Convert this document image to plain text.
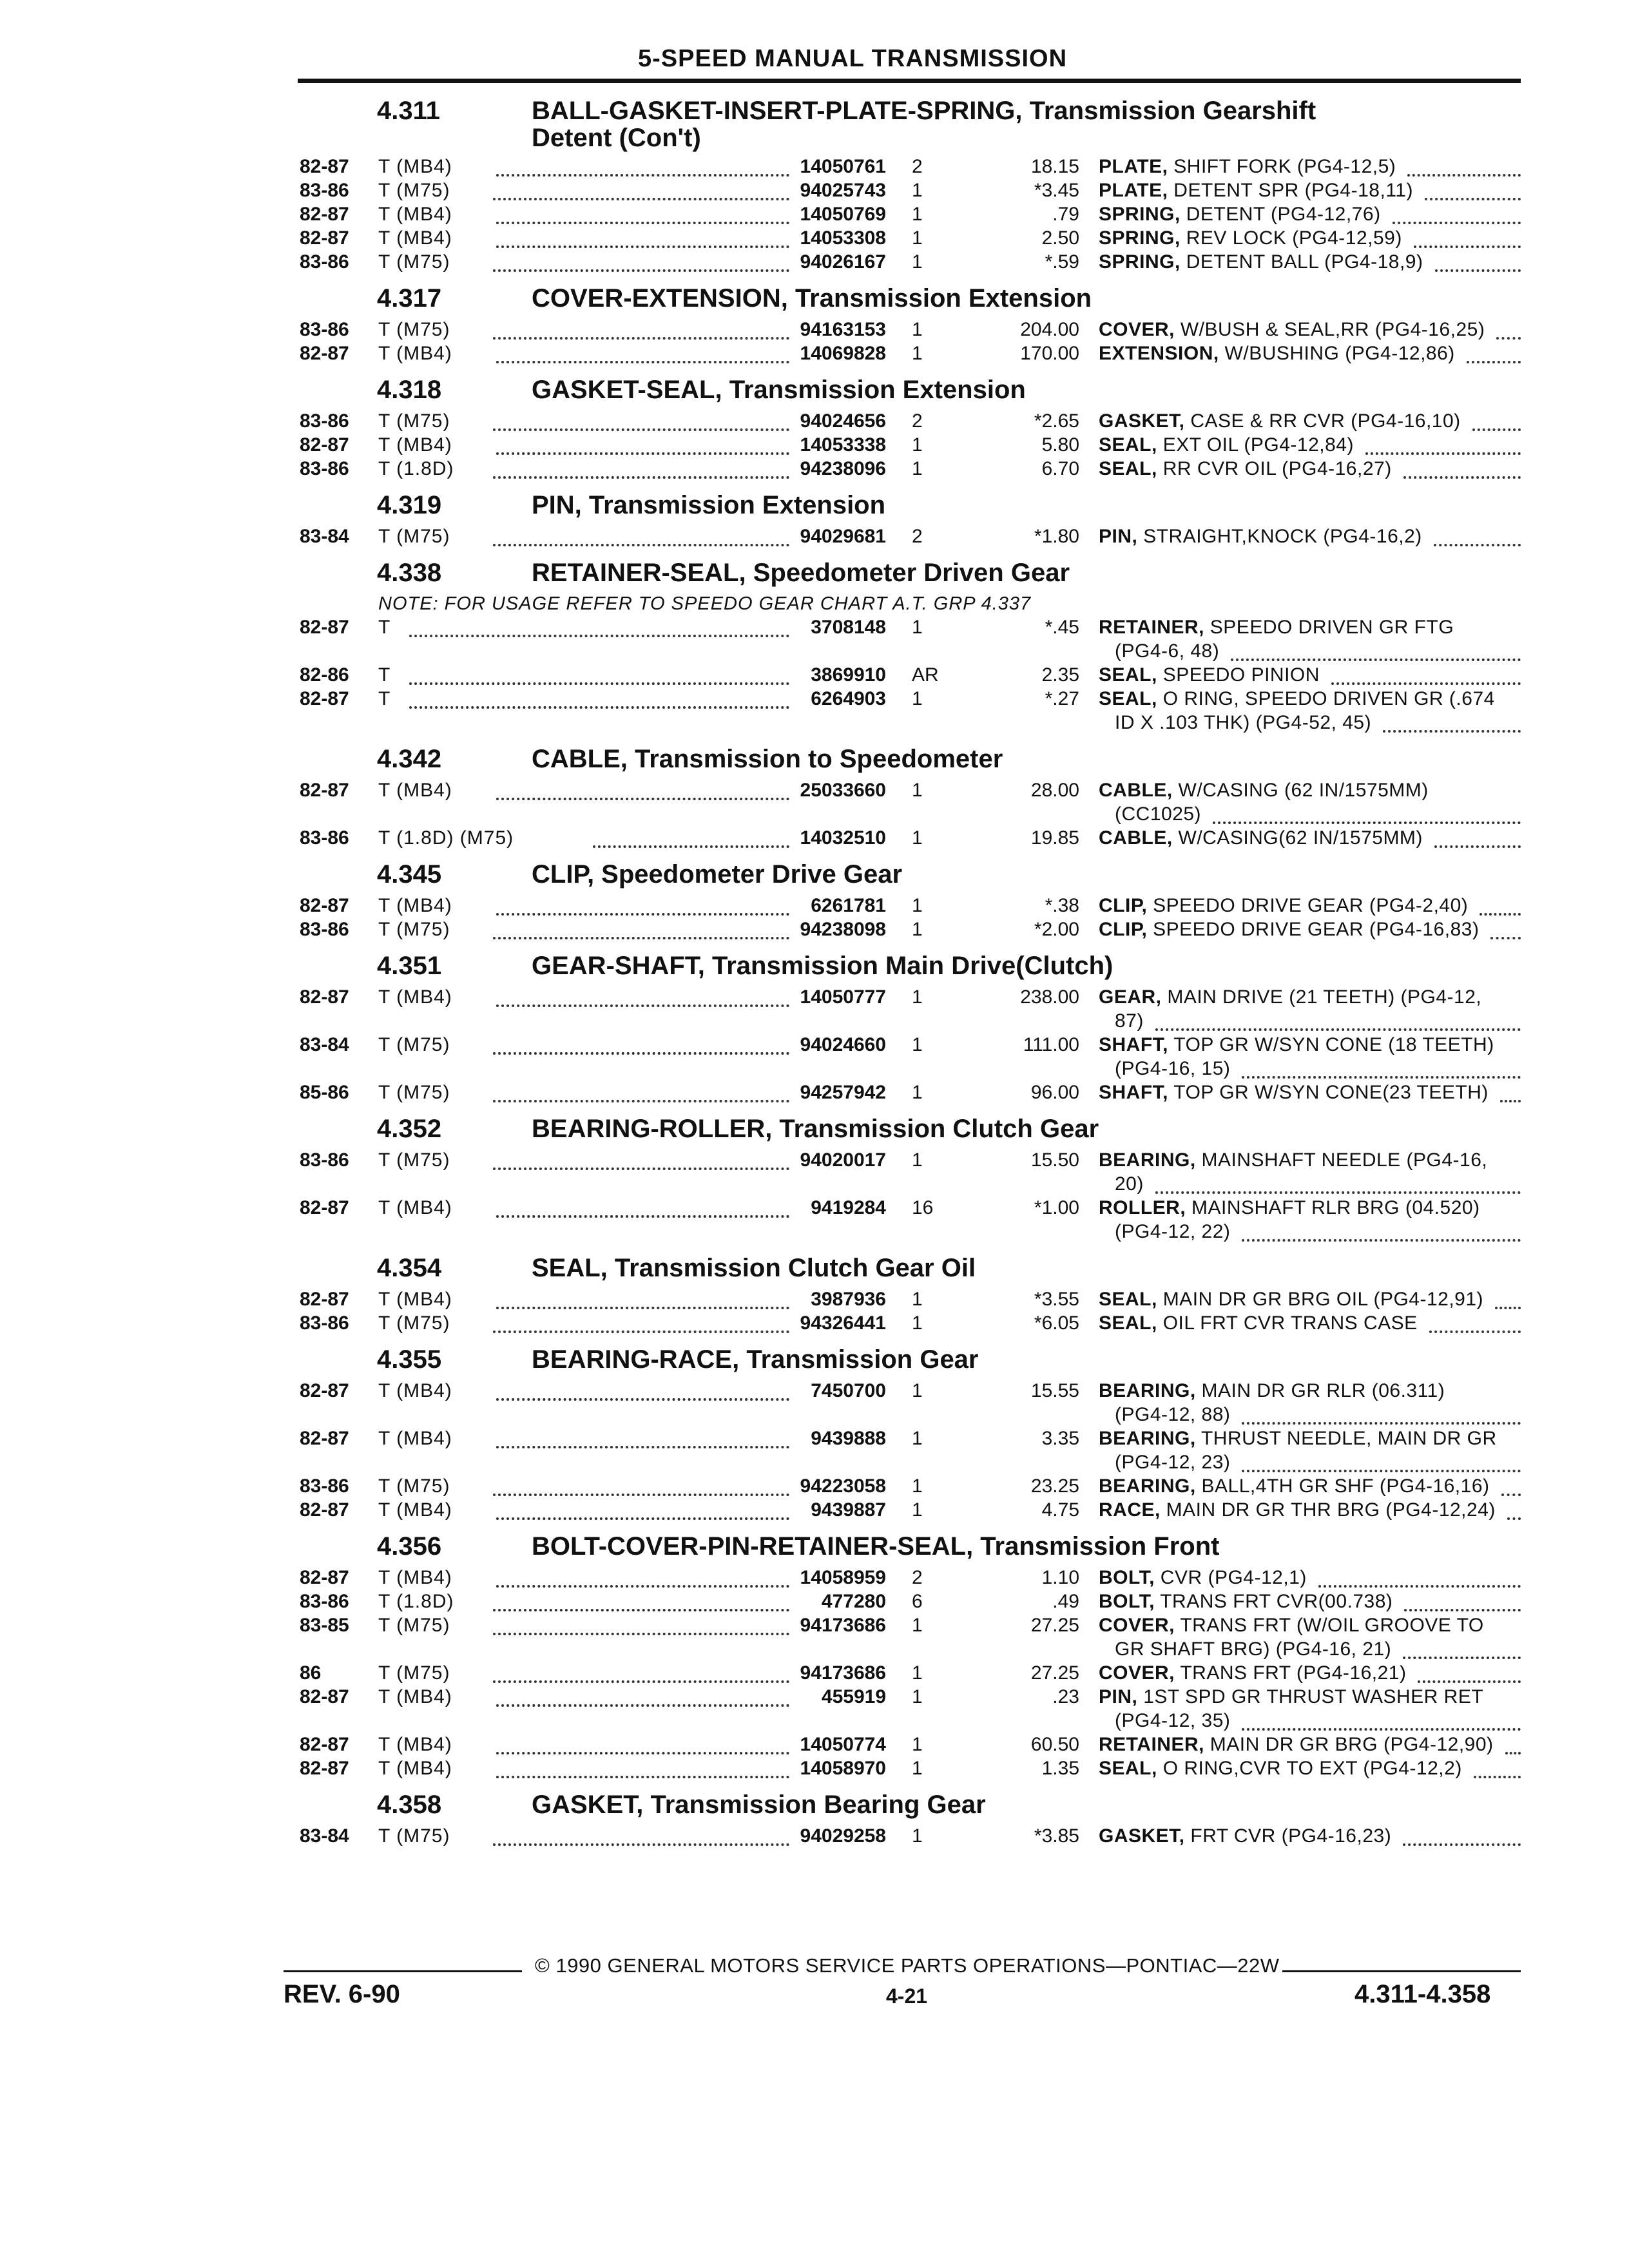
5-SPEED MANUAL TRANSMISSION
4.311	BALL-GASKET-INSERT-PLATE-SPRING, Transmission Gearshift
Detent (Con't)
82-87 T (MB4)	14050761 2	18.15 PLATE, SHIFT FORK (PG4-12,5)
83-86 T (M75)	94025743 1	*3.45 PLATE, DETENT SPR (PG4-18,11)
82-87 T (MB4)	14050769 1	.79 SPRING, DETENT (PG4-12,76)
82-87 T (MB4)	14053308 1	2.50 SPRING, REV LOCK (PG4-12,59)
83-86 T (M75)	94026167 1	*.59 SPRING, DETENT BALL (PG4-18,9)
4.317	COVER-EXTENSION, Transmission Extension
83-86 T (M75)	94163153 1	204.00 COVER, W/BUSH & SEAL,RR (PG4-16,25)
82-87 T (MB4)	14069828 1	170.00 EXTENSION, W/BUSHING (PG4-12,86)
4.318	GASKET-SEAL, Transmission Extension
83-86 T (M75)	94024656 2	*2.65 GASKET, CASE & RR CVR (PG4-16,10)
82-87 T (MB4)	14053338 1	5.80 SEAL, EXT OIL (PG4-12,84)
83-86 T (1.8D)	94238096 1	6.70 SEAL, RR CVR OIL (PG4-16,27)
4.319	PIN, Transmission Extension
83-84 T (M75)	94029681 2	*1.80 PIN, STRAIGHT,KNOCK (PG4-16,2)
4.338	RETAINER-SEAL, Speedometer Driven Gear
NOTE: FOR USAGE REFER TO SPEEDO GEAR CHART A.T. GRP 4.337
82-87 T	3708148 1	*.45 RETAINER, SPEEDO DRIVEN GR FTG
(PG4-6, 48)
82-86 T	3869910 AR	2.35 SEAL, SPEEDO PINION
82-87 T	6264903 1	*.27 SEAL, O RING, SPEEDO DRIVEN GR (.674
ID X .103 THK) (PG4-52, 45)
4.342	CABLE, Transmission to Speedometer
82-87 T (MB4)	25033660 1	28.00 CABLE, W/CASING (62 IN/1575MM)
(CC1025)
83-86 T (1.8D) (M75)	14032510 1	19.85 CABLE, W/CASING(62 IN/1575MM)
4.345	CLIP, Speedometer Drive Gear
82-87 T (MB4)	6261781 1	*.38 CLIP, SPEEDO DRIVE GEAR (PG4-2,40)
83-86 T (M75)	94238098 1	*2.00 CLIP, SPEEDO DRIVE GEAR (PG4-16,83)
4.351	GEAR-SHAFT, Transmission Main Drive(Clutch)
82-87 T (MB4)	14050777 1	238.00 GEAR, MAIN DRIVE (21 TEETH) (PG4-12,
87)
83-84 T (M75)	94024660 1	111.00 SHAFT, TOP GR W/SYN CONE (18 TEETH)
(PG4-16, 15)
85-86 T (M75)	94257942 1	96.00 SHAFT, TOP GR W/SYN CONE(23 TEETH)
4.352	BEARING-ROLLER, Transmission Clutch Gear
83-86 T (M75)	94020017 1	15.50 BEARING, MAINSHAFT NEEDLE (PG4-16,
20)
82-87 T (MB4)	9419284 16	*1.00 ROLLER, MAINSHAFT RLR BRG (04.520)
(PG4-12, 22)
4.354	SEAL, Transmission Clutch Gear Oil
82-87 T (MB4)	3987936 1	*3.55 SEAL, MAIN DR GR BRG OIL (PG4-12,91)
83-86 T (M75)	94326441 1	*6.05 SEAL, OIL FRT CVR TRANS CASE
4.355	BEARING-RACE, Transmission Gear
82-87 T (MB4)	7450700 1	15.55 BEARING, MAIN DR GR RLR (06.311)
(PG4-12, 88)
82-87 T (MB4)	9439888 1	3.35 BEARING, THRUST NEEDLE, MAIN DR GR
(PG4-12, 23)
83-86 T (M75)	94223058 1	23.25 BEARING, BALL,4TH GR SHF (PG4-16,16)
82-87 T (MB4)	9439887 1	4.75 RACE, MAIN DR GR THR BRG (PG4-12,24)
4.356	BOLT-COVER-PIN-RETAINER-SEAL, Transmission Front
82-87 T (MB4)	14058959 2	1.10 BOLT, CVR (PG4-12,1)
83-86 T (1.8D)	477280 6	.49 BOLT, TRANS FRT CVR(00.738)
83-85 T (M75)	94173686 1	27.25 COVER, TRANS FRT (W/OIL GROOVE TO
GR SHAFT BRG) (PG4-16, 21)
86	T (M75)	94173686 1	27.25 COVER, TRANS FRT (PG4-16,21)
82-87 T (MB4)	455919 1	.23 PIN, 1ST SPD GR THRUST WASHER RET
(PG4-12, 35)
82-87 T (MB4)	14050774 1	60.50 RETAINER, MAIN DR GR BRG (PG4-12,90)
82-87 T (MB4)	14058970 1	1.35 SEAL, O RING,CVR TO EXT (PG4-12,2)
4.358	GASKET, Transmission Bearing Gear
83-84 T (M75)	94029258 1	*3.85 GASKET, FRT CVR (PG4-16,23)
© 1990 GENERAL MOTORS SERVICE PARTS OPERATIONS—PONTIAC—22W
REV. 6-90	4-21	4.311-4.358
